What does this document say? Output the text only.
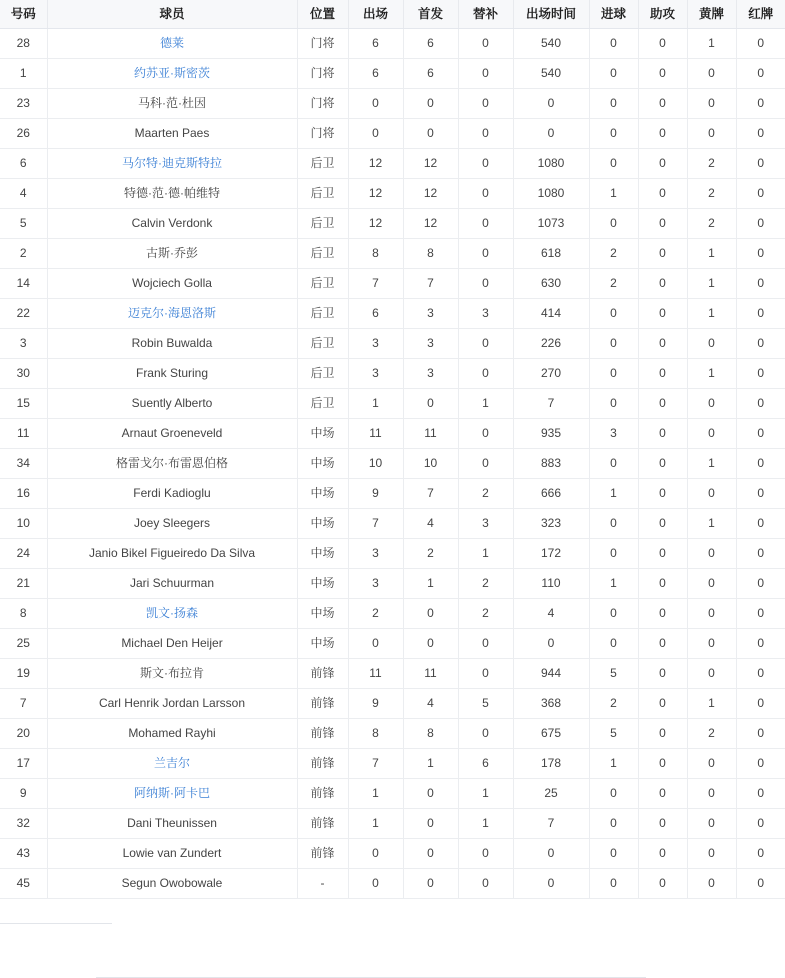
号码	球员	位置	出场	首发	替补	出场时间	进球	助攻	黄牌	红牌
28	德莱	门将	6	6	0	540	0	0	1	0
1	约苏亚·斯密茨	门将	6	6	0	540	0	0	0	0
23	马科·范·杜因	门将	0	0	0	0	0	0	0	0
26	Maarten Paes	门将	0	0	0	0	0	0	0	0
6	马尔特·迪克斯特拉	后卫	12	12	0	1080	0	0	2	0
4	特德·范·德·帕维特	后卫	12	12	0	1080	1	0	2	0
5	Calvin Verdonk	后卫	12	12	0	1073	0	0	2	0
2	古斯·乔彭	后卫	8	8	0	618	2	0	1	0
14	Wojciech Golla	后卫	7	7	0	630	2	0	1	0
22	迈克尔·海恩洛斯	后卫	6	3	3	414	0	0	1	0
3	Robin Buwalda	后卫	3	3	0	226	0	0	0	0
30	Frank Sturing	后卫	3	3	0	270	0	0	1	0
15	Suently Alberto	后卫	1	0	1	7	0	0	0	0
11	Arnaut Groeneveld	中场	11	11	0	935	3	0	0	0
34	格雷戈尔·布雷恩伯格	中场	10	10	0	883	0	0	1	0
16	Ferdi Kadioglu	中场	9	7	2	666	1	0	0	0
10	Joey Sleegers	中场	7	4	3	323	0	0	1	0
24	Janio Bikel Figueiredo Da Silva	中场	3	2	1	172	0	0	0	0
21	Jari Schuurman	中场	3	1	2	110	1	0	0	0
8	凯文·扬森	中场	2	0	2	4	0	0	0	0
25	Michael Den Heijer	中场	0	0	0	0	0	0	0	0
19	斯文·布拉肯	前锋	11	11	0	944	5	0	0	0
7	Carl Henrik Jordan Larsson	前锋	9	4	5	368	2	0	1	0
20	Mohamed Rayhi	前锋	8	8	0	675	5	0	2	0
17	兰吉尔	前锋	7	1	6	178	1	0	0	0
9	阿纳斯·阿卡巴	前锋	1	0	1	25	0	0	0	0
32	Dani Theunissen	前锋	1	0	1	7	0	0	0	0
43	Lowie van Zundert	前锋	0	0	0	0	0	0	0	0
45	Segun Owobowale	-	0	0	0	0	0	0	0	0
